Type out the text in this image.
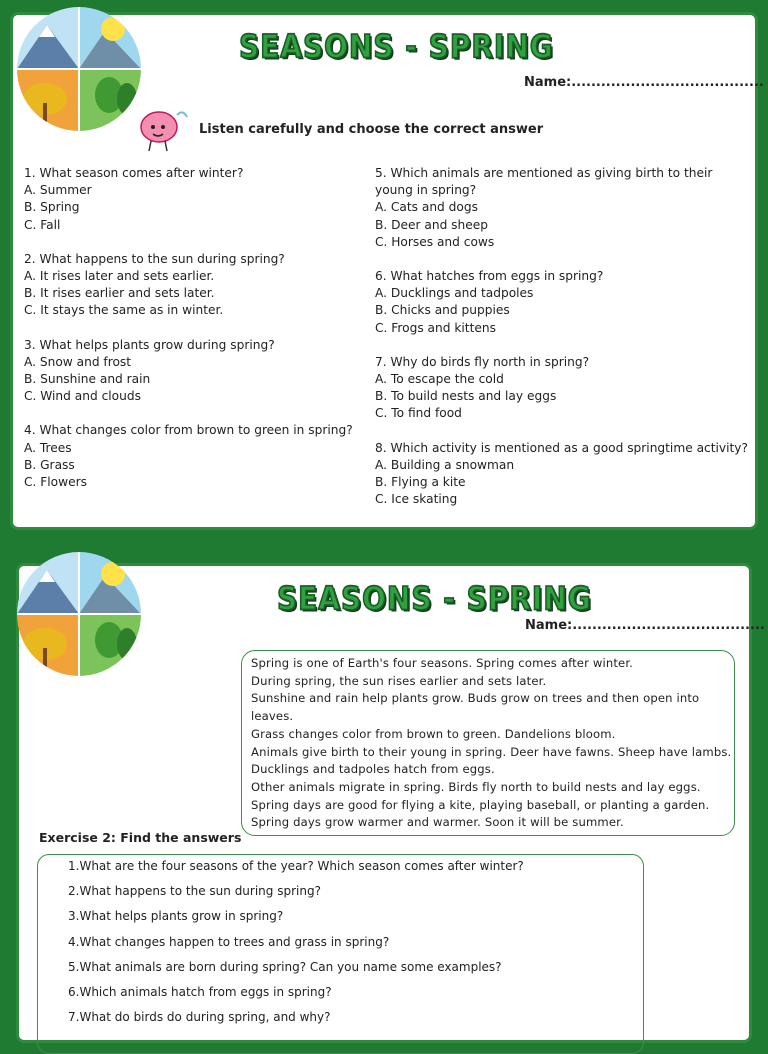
SEASONS - SPRING
Name:.......................................
Listen carefully and choose the correct answer
1. What season comes after winter?
A. Summer
B. Spring
C. Fall
2. What happens to the sun during spring?
A. It rises later and sets earlier.
B. It rises earlier and sets later.
C. It stays the same as in winter.
3. What helps plants grow during spring?
A. Snow and frost
B. Sunshine and rain
C. Wind and clouds
4. What changes color from brown to green in spring?
A. Trees
B. Grass
C. Flowers
5. Which animals are mentioned as giving birth to their young in spring?
A. Cats and dogs
B. Deer and sheep
C. Horses and cows
6. What hatches from eggs in spring?
A. Ducklings and tadpoles
B. Chicks and puppies
C. Frogs and kittens
7. Why do birds fly north in spring?
A. To escape the cold
B. To build nests and lay eggs
C. To find food
8. Which activity is mentioned as a good springtime activity?
A. Building a snowman
B. Flying a kite
C. Ice skating
SEASONS - SPRING
Name:.......................................
Spring is one of Earth's four seasons. Spring comes after winter.
During spring, the sun rises earlier and sets later.
Sunshine and rain help plants grow. Buds grow on trees and then open into
leaves.
Grass changes color from brown to green. Dandelions bloom.
Animals give birth to their young in spring. Deer have fawns. Sheep have lambs.
Ducklings and tadpoles hatch from eggs.
Other animals migrate in spring. Birds fly north to build nests and lay eggs.
Spring days are good for flying a kite, playing baseball, or planting a garden.
Spring days grow warmer and warmer. Soon it will be summer.
Exercise 2: Find the answers
1.What are the four seasons of the year? Which season comes after winter?
2.What happens to the sun during spring?
3.What helps plants grow in spring?
4.What changes happen to trees and grass in spring?
5.What animals are born during spring? Can you name some examples?
6.Which animals hatch from eggs in spring?
7.What do birds do during spring, and why?
